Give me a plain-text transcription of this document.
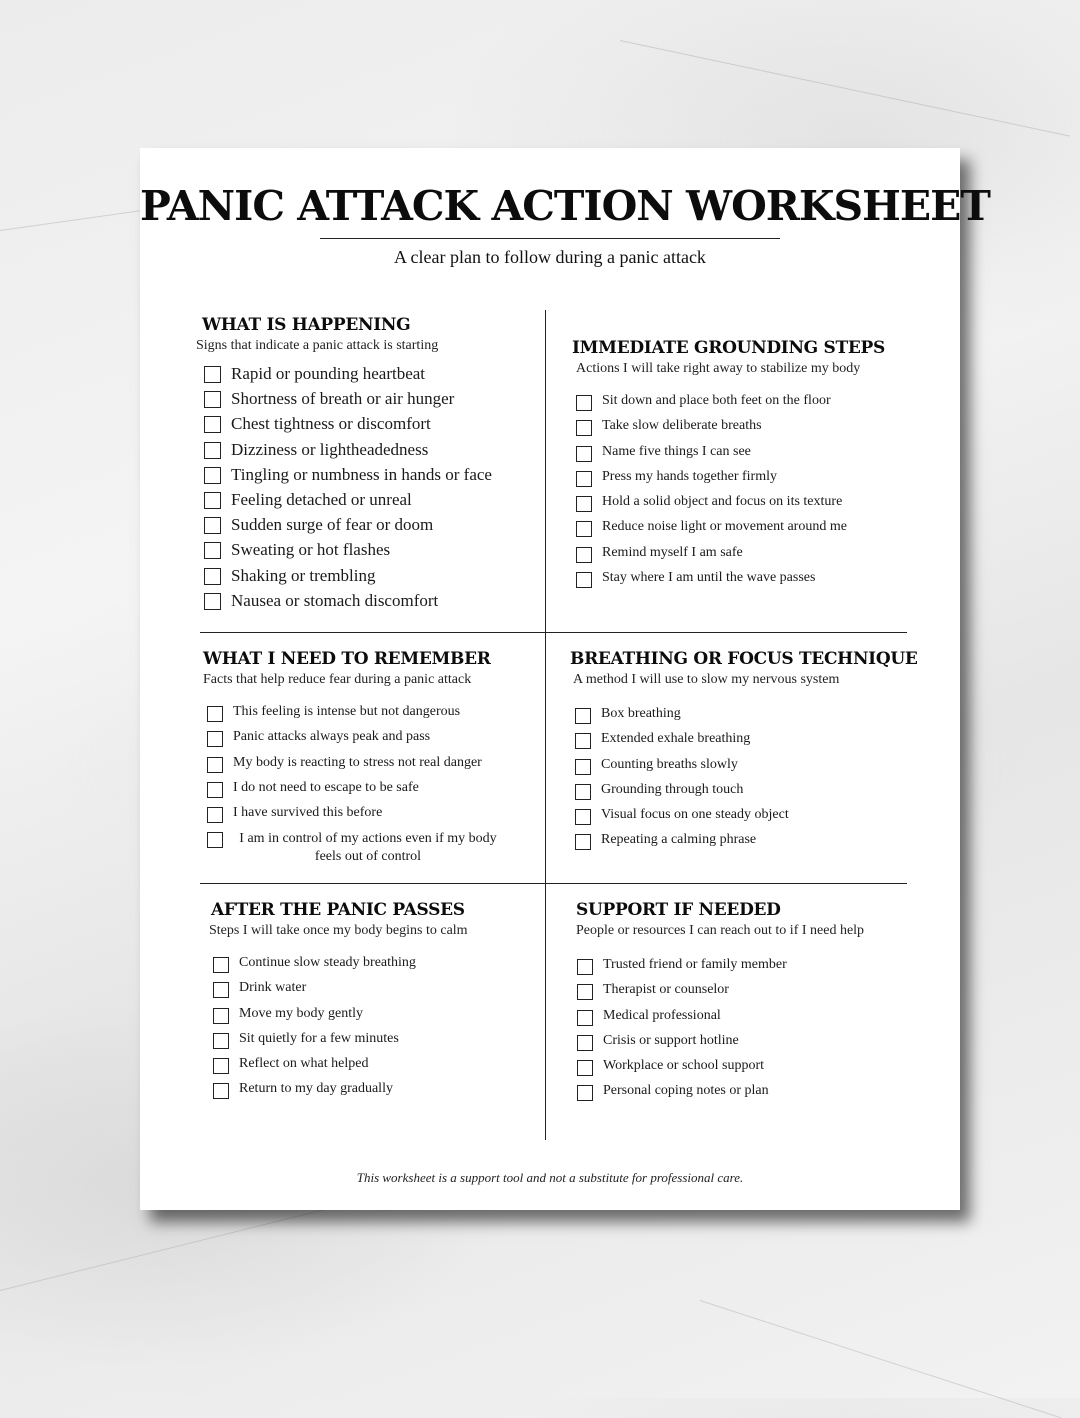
PANIC ATTACK ACTION WORKSHEET
A clear plan to follow during a panic attack
WHAT IS HAPPENING
Signs that indicate a panic attack is starting
Rapid or pounding heartbeat
Shortness of breath or air hunger
Chest tightness or discomfort
Dizziness or lightheadedness
Tingling or numbness in hands or face
Feeling detached or unreal
Sudden surge of fear or doom
Sweating or hot flashes
Shaking or trembling
Nausea or stomach discomfort
IMMEDIATE GROUNDING STEPS
Actions I will take right away to stabilize my body
Sit down and place both feet on the floor
Take slow deliberate breaths
Name five things I can see
Press my hands together firmly
Hold a solid object and focus on its texture
Reduce noise light or movement around me
Remind myself I am safe
Stay where I am until the wave passes
WHAT I NEED TO REMEMBER
Facts that help reduce fear during a panic attack
This feeling is intense but not dangerous
Panic attacks always peak and pass
My body is reacting to stress not real danger
I do not need to escape to be safe
I have survived this before
I am in control of my actions even if my body feels out of control
BREATHING OR FOCUS TECHNIQUE
A method I will use to slow my nervous system
Box breathing
Extended exhale breathing
Counting breaths slowly
Grounding through touch
Visual focus on one steady object
Repeating a calming phrase
AFTER THE PANIC PASSES
Steps I will take once my body begins to calm
Continue slow steady breathing
Drink water
Move my body gently
Sit quietly for a few minutes
Reflect on what helped
Return to my day gradually
SUPPORT IF NEEDED
People or resources I can reach out to if I need help
Trusted friend or family member
Therapist or counselor
Medical professional
Crisis or support hotline
Workplace or school support
Personal coping notes or plan
This worksheet is a support tool and not a substitute for professional care.
